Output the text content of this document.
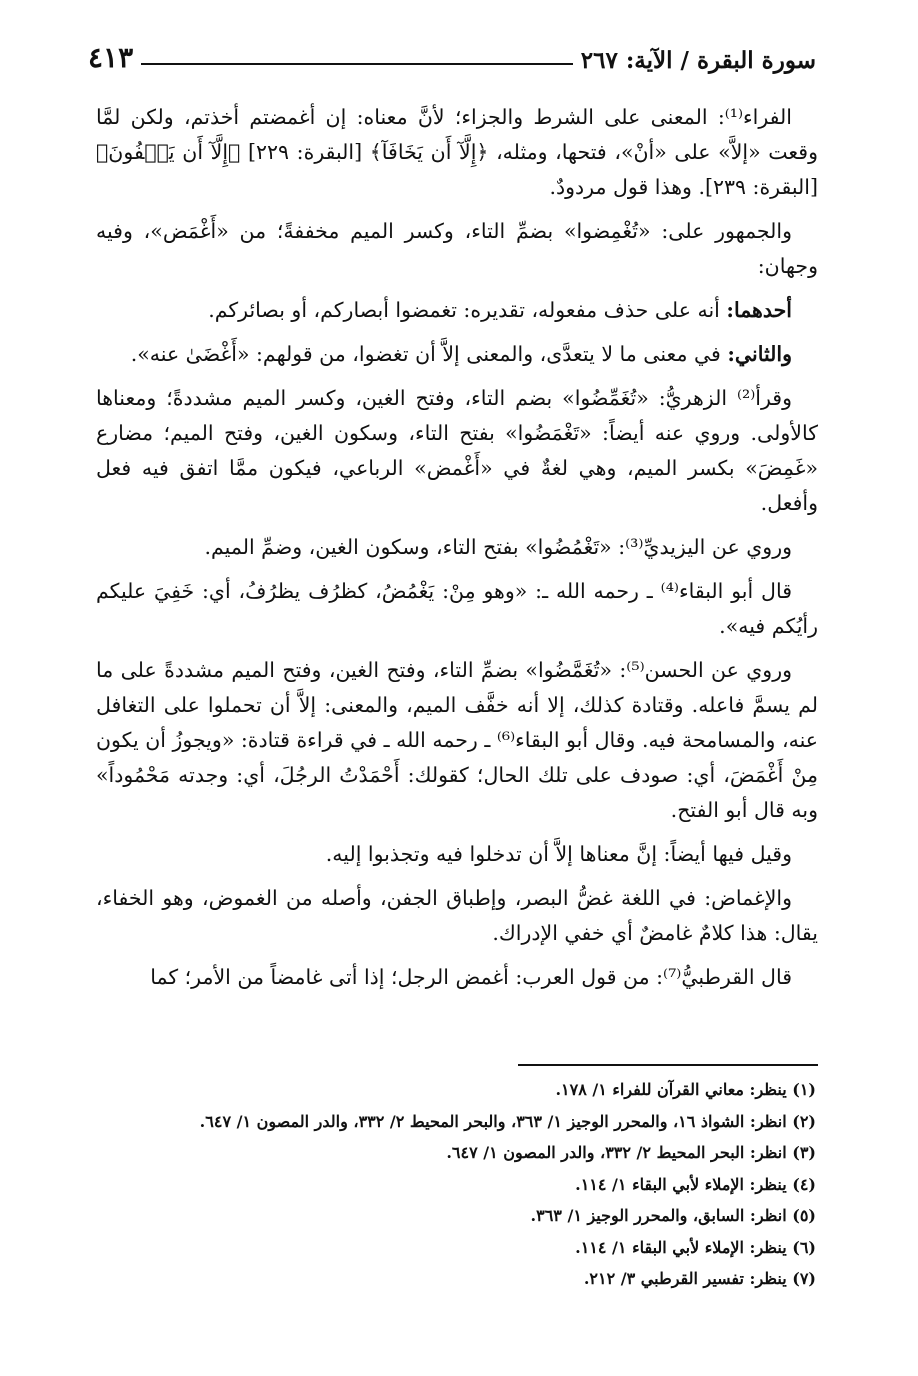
سورة البقرة / الآية: ٢٦٧
٤١٣

الفراء⁽¹⁾: المعنى على الشرط والجزاء؛ لأنَّ معناه: إن أغمضتم أخذتم، ولكن لمَّا وقعت «إلاَّ» على «أنْ»، فتحها، ومثله، ﴿إِلَّآ أَن يَخَافَآ﴾ [البقرة: ٢٢٩] ﴿إِلَّآ أَن يَعۡفُونَ﴾ [البقرة: ٢٣٩]. وهذا قول مردودٌ.

والجمهور على: «تُغْمِضوا» بضمِّ التاء، وكسر الميم مخففةً؛ من «أَغْمَض»، وفيه وجهان:

أحدهما: أنه على حذف مفعوله، تقديره: تغمضوا أبصاركم، أو بصائركم.

والثاني: في معنى ما لا يتعدَّى، والمعنى إلاَّ أن تغضوا، من قولهم: «أَغْضَىٰ عنه».

وقرأ⁽²⁾ الزهريُّ: «تُغَمِّضُوا» بضم التاء، وفتح الغين، وكسر الميم مشددةً؛ ومعناها كالأولى. وروي عنه أيضاً: «تَغْمَضُوا» بفتح التاء، وسكون الغين، وفتح الميم؛ مضارع «غَمِضَ» بكسر الميم، وهي لغةٌ في «أَغْمض» الرباعي، فيكون ممَّا اتفق فيه فعل وأفعل.

وروي عن اليزيديِّ⁽³⁾: «تَغْمُضُوا» بفتح التاء، وسكون الغين، وضمِّ الميم.

قال أبو البقاء⁽⁴⁾ ـ رحمه الله ـ: «وهو مِنْ: يَغْمُضُ، كظرُف يظرُفُ، أي: خَفِيَ عليكم رأيُكم فيه».

وروي عن الحسن⁽⁵⁾: «تُغَمَّضُوا» بضمِّ التاء، وفتح الغين، وفتح الميم مشددةً على ما لم يسمَّ فاعله. وقتادة كذلك، إلا أنه خفَّف الميم، والمعنى: إلاَّ أن تحملوا على التغافل عنه، والمسامحة فيه. وقال أبو البقاء⁽⁶⁾ ـ رحمه الله ـ في قراءة قتادة: «ويجوزُ أن يكون مِنْ أَغْمَضَ، أي: صودف على تلك الحال؛ كقولك: أَحْمَدْتُ الرجُلَ، أي: وجدته مَحْمُوداً» وبه قال أبو الفتح.

وقيل فيها أيضاً: إنَّ معناها إلاَّ أن تدخلوا فيه وتجذبوا إليه.

والإغماض: في اللغة غضُّ البصر، وإطباق الجفن، وأصله من الغموض، وهو الخفاء، يقال: هذا كلامٌ غامضٌ أي خفي الإدراك.

قال القرطبيُّ⁽⁷⁾: من قول العرب: أغمض الرجل؛ إذا أتى غامضاً من الأمر؛ كما

(١) ينظر: معاني القرآن للفراء ١/ ١٧٨.
(٢) انظر: الشواذ ١٦، والمحرر الوجيز ١/ ٣٦٣، والبحر المحيط ٢/ ٣٣٢، والدر المصون ١/ ٦٤٧.
(٣) انظر: البحر المحيط ٢/ ٣٣٢، والدر المصون ١/ ٦٤٧.
(٤) ينظر: الإملاء لأبي البقاء ١/ ١١٤.
(٥) انظر: السابق، والمحرر الوجيز ١/ ٣٦٣.
(٦) ينظر: الإملاء لأبي البقاء ١/ ١١٤.
(٧) ينظر: تفسير القرطبي ٣/ ٢١٢.
